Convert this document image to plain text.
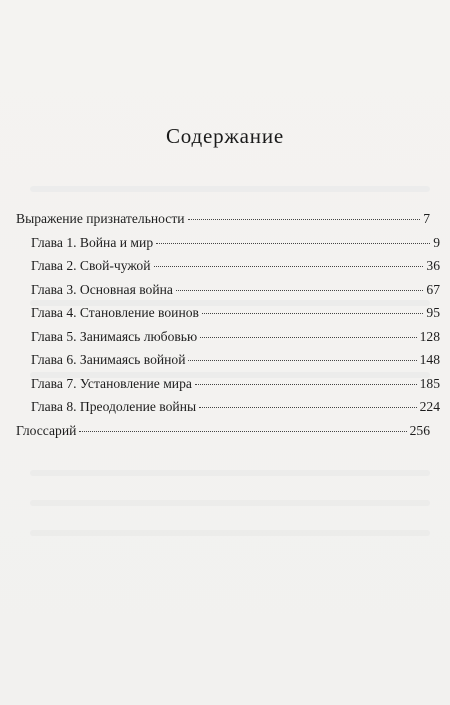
Содержание
Выражение признательности	7
Глава 1. Война и мир	9
Глава 2. Свой-чужой	36
Глава 3. Основная война	67
Глава 4. Становление воинов	95
Глава 5. Занимаясь любовью	128
Глава 6. Занимаясь войной	148
Глава 7. Установление мира	185
Глава 8. Преодоление войны	224
Глоссарий	256
